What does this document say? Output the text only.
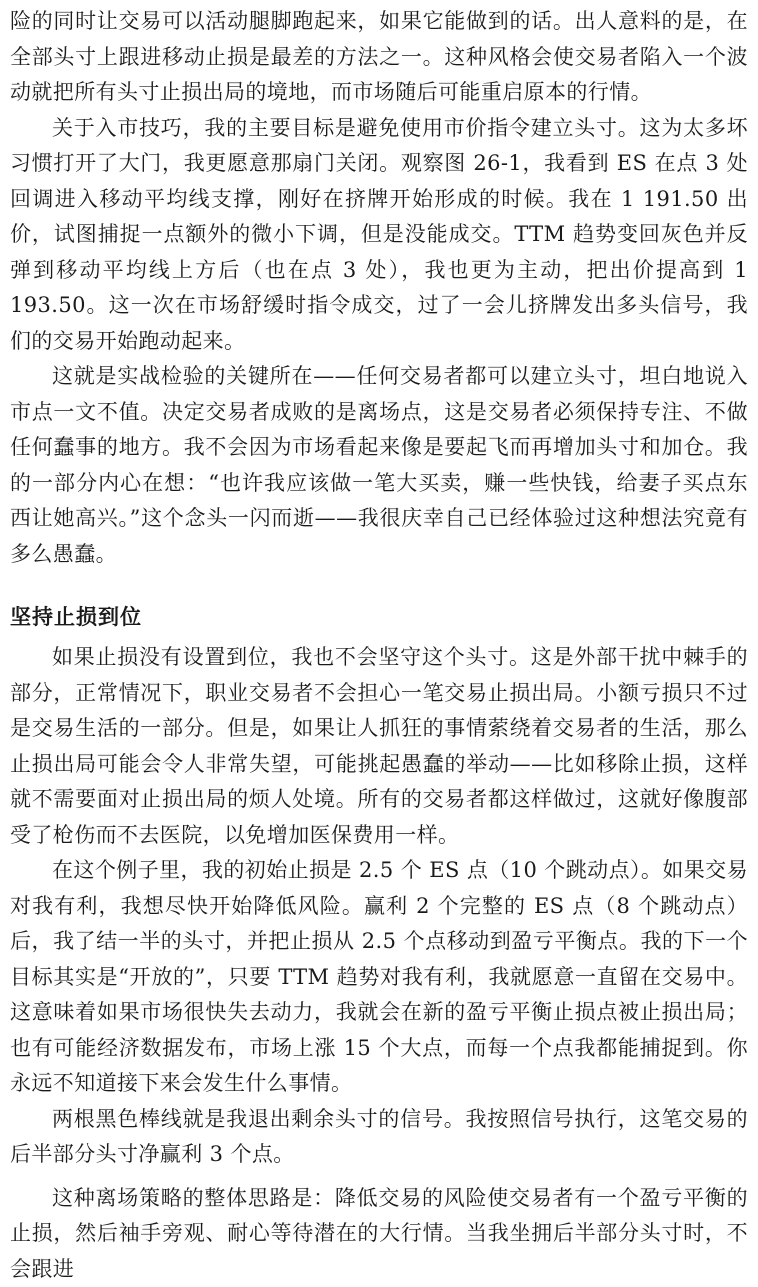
险的同时让交易可以活动腿脚跑起来，如果它能做到的话。出人意料的是，在全部头寸上跟进移动止损是最差的方法之一。这种风格会使交易者陷入一个波动就把所有头寸止损出局的境地，而市场随后可能重启原本的行情。

关于入市技巧，我的主要目标是避免使用市价指令建立头寸。这为太多坏习惯打开了大门，我更愿意那扇门关闭。观察图 26-1，我看到 ES 在点 3 处回调进入移动平均线支撑，刚好在挤牌开始形成的时候。我在 1 191.50 出价，试图捕捉一点额外的微小下调，但是没能成交。TTM 趋势变回灰色并反弹到移动平均线上方后（也在点 3 处），我也更为主动，把出价提高到 1 193.50。这一次在市场舒缓时指令成交，过了一会儿挤牌发出多头信号，我们的交易开始跑动起来。

这就是实战检验的关键所在——任何交易者都可以建立头寸，坦白地说入市点一文不值。决定交易者成败的是离场点，这是交易者必须保持专注、不做任何蠢事的地方。我不会因为市场看起来像是要起飞而再增加头寸和加仓。我的一部分内心在想：“也许我应该做一笔大买卖，赚一些快钱，给妻子买点东西让她高兴。”这个念头一闪而逝——我很庆幸自己已经体验过这种想法究竟有多么愚蠢。

坚持止损到位

如果止损没有设置到位，我也不会坚守这个头寸。这是外部干扰中棘手的部分，正常情况下，职业交易者不会担心一笔交易止损出局。小额亏损只不过是交易生活的一部分。但是，如果让人抓狂的事情萦绕着交易者的生活，那么止损出局可能会令人非常失望，可能挑起愚蠢的举动——比如移除止损，这样就不需要面对止损出局的烦人处境。所有的交易者都这样做过，这就好像腹部受了枪伤而不去医院，以免增加医保费用一样。

在这个例子里，我的初始止损是 2.5 个 ES 点（10 个跳动点）。如果交易对我有利，我想尽快开始降低风险。赢利 2 个完整的 ES 点（8 个跳动点）后，我了结一半的头寸，并把止损从 2.5 个点移动到盈亏平衡点。我的下一个目标其实是“开放的”，只要 TTM 趋势对我有利，我就愿意一直留在交易中。这意味着如果市场很快失去动力，我就会在新的盈亏平衡止损点被止损出局；也有可能经济数据发布，市场上涨 15 个大点，而每一个点我都能捕捉到。你永远不知道接下来会发生什么事情。

两根黑色棒线就是我退出剩余头寸的信号。我按照信号执行，这笔交易的后半部分头寸净赢利 3 个点。

这种离场策略的整体思路是：降低交易的风险使交易者有一个盈亏平衡的止损，然后袖手旁观、耐心等待潜在的大行情。当我坐拥后半部分头寸时，不会跟进
